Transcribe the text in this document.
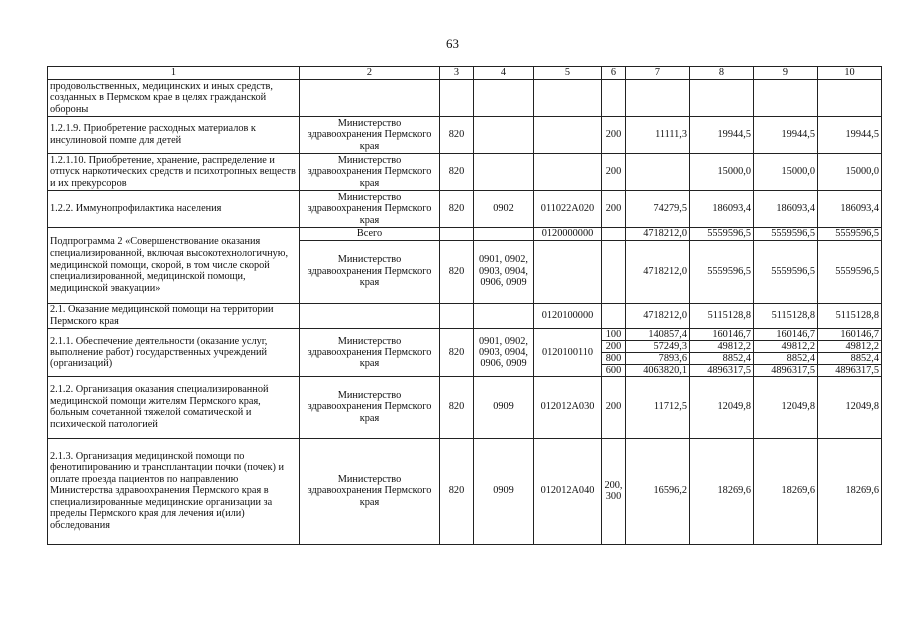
63
1	2	3	4	5	6	7	8	9	10
продовольственных, медицинских и иных средств, созданных в Пермском крае в целях гражданской обороны									
1.2.1.9. Приобретение расходных материалов к инсулиновой помпе для детей	Министерство здравоохранения Пермского края	820			200	11111,3	19944,5	19944,5	19944,5
1.2.1.10. Приобретение, хранение, распределение и отпуск наркотических средств и психотропных веществ и их прекурсоров	Министерство здравоохранения Пермского края	820			200		15000,0	15000,0	15000,0
1.2.2. Иммунопрофилактика населения	Министерство здравоохранения Пермского края	820	0902	011022A020	200	74279,5	186093,4	186093,4	186093,4
Подпрограмма 2 «Совершенствование оказания специализированной, включая высокотехнологичную, медицинской помощи, скорой, в том числе скорой специализированной, медицинской помощи, медицинской эвакуации»	Всего			0120000000		4718212,0	5559596,5	5559596,5	5559596,5
	Министерство здравоохранения Пермского края	820	0901, 0902, 0903, 0904, 0906, 0909			4718212,0	5559596,5	5559596,5	5559596,5
2.1. Оказание медицинской помощи на территории Пермского края				0120100000		4718212,0	5115128,8	5115128,8	5115128,8
2.1.1. Обеспечение деятельности (оказание услуг, выполнение работ) государственных учреждений (организаций)	Министерство здравоохранения Пермского края	820	0901, 0902, 0903, 0904, 0906, 0909	0120100110	100	140857,4	160146,7	160146,7	160146,7
					200	57249,3	49812,2	49812,2	49812,2
					800	7893,6	8852,4	8852,4	8852,4
					600	4063820,1	4896317,5	4896317,5	4896317,5
2.1.2. Организация оказания специализированной медицинской помощи жителям Пермского края, больным сочетанной тяжелой соматической и психической патологией	Министерство здравоохранения Пермского края	820	0909	012012A030	200	11712,5	12049,8	12049,8	12049,8
2.1.3. Организация медицинской помощи по фенотипированию и трансплантации почки (почек) и оплате проезда пациентов по направлению Министерства здравоохранения Пермского края в специализированные медицинские организации за пределы Пермского края для лечения и(или) обследования	Министерство здравоохранения Пермского края	820	0909	012012A040	200, 300	16596,2	18269,6	18269,6	18269,6
